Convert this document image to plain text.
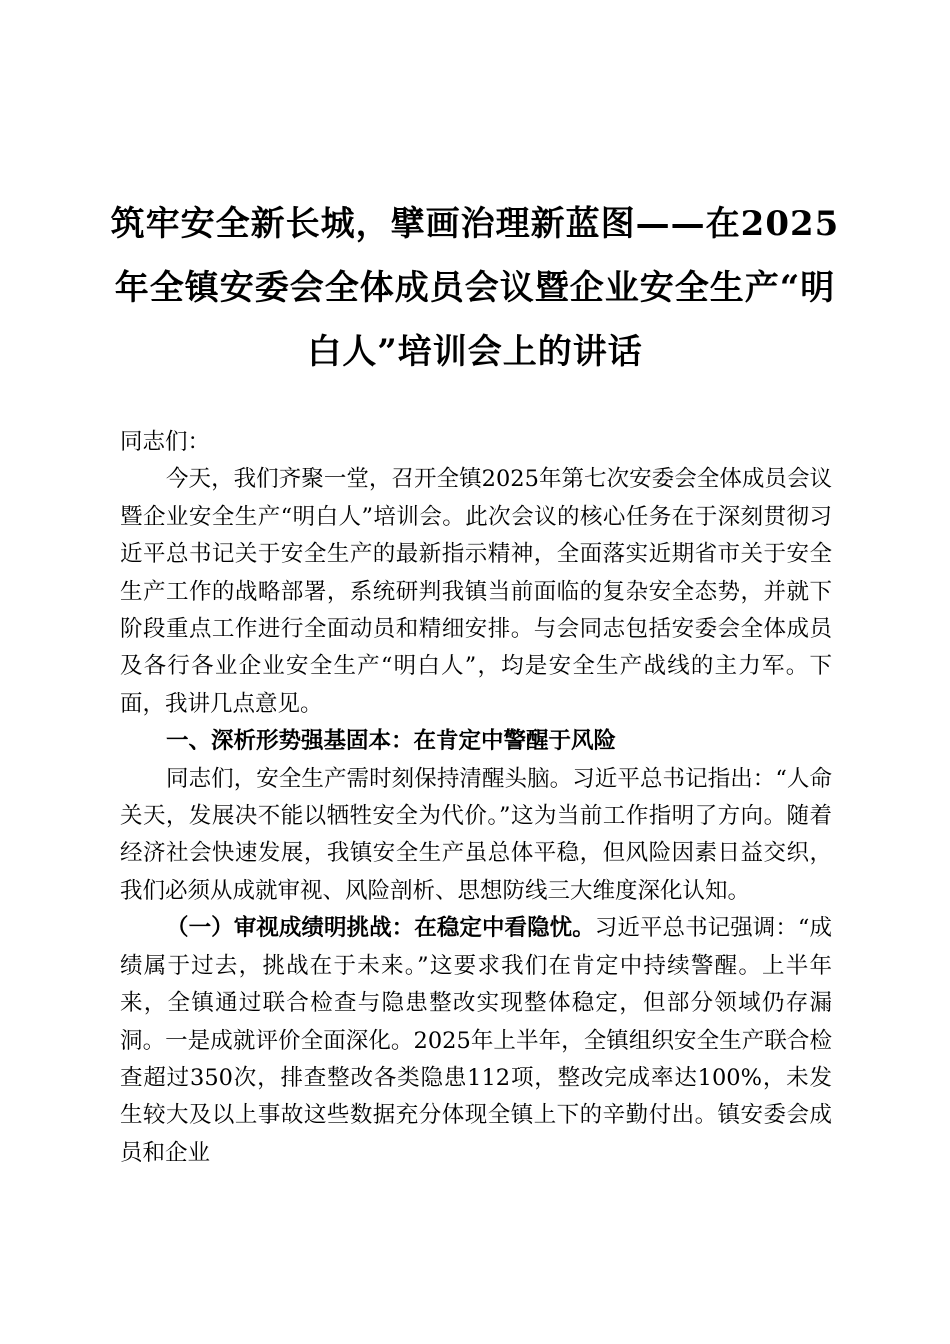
筑牢安全新长城，擘画治理新蓝图——在2025年全镇安委会全体成员会议暨企业安全生产“明白人”培训会上的讲话

同志们：

今天，我们齐聚一堂，召开全镇2025年第七次安委会全体成员会议暨企业安全生产“明白人”培训会。此次会议的核心任务在于深刻贯彻习近平总书记关于安全生产的最新指示精神，全面落实近期省市关于安全生产工作的战略部署，系统研判我镇当前面临的复杂安全态势，并就下阶段重点工作进行全面动员和精细安排。与会同志包括安委会全体成员及各行各业企业安全生产“明白人”，均是安全生产战线的主力军。下面，我讲几点意见。

一、深析形势强基固本：在肯定中警醒于风险

同志们，安全生产需时刻保持清醒头脑。习近平总书记指出：“人命关天，发展决不能以牺牲安全为代价。”这为当前工作指明了方向。随着经济社会快速发展，我镇安全生产虽总体平稳，但风险因素日益交织，我们必须从成就审视、风险剖析、思想防线三大维度深化认知。

（一）审视成绩明挑战：在稳定中看隐忧。习近平总书记强调：“成绩属于过去，挑战在于未来。”这要求我们在肯定中持续警醒。上半年来，全镇通过联合检查与隐患整改实现整体稳定，但部分领域仍存漏洞。一是成就评价全面深化。2025年上半年，全镇组织安全生产联合检查超过350次，排查整改各类隐患112项，整改完成率达100%，未发生较大及以上事故这些数据充分体现全镇上下的辛勤付出。镇安委会成员和企业
